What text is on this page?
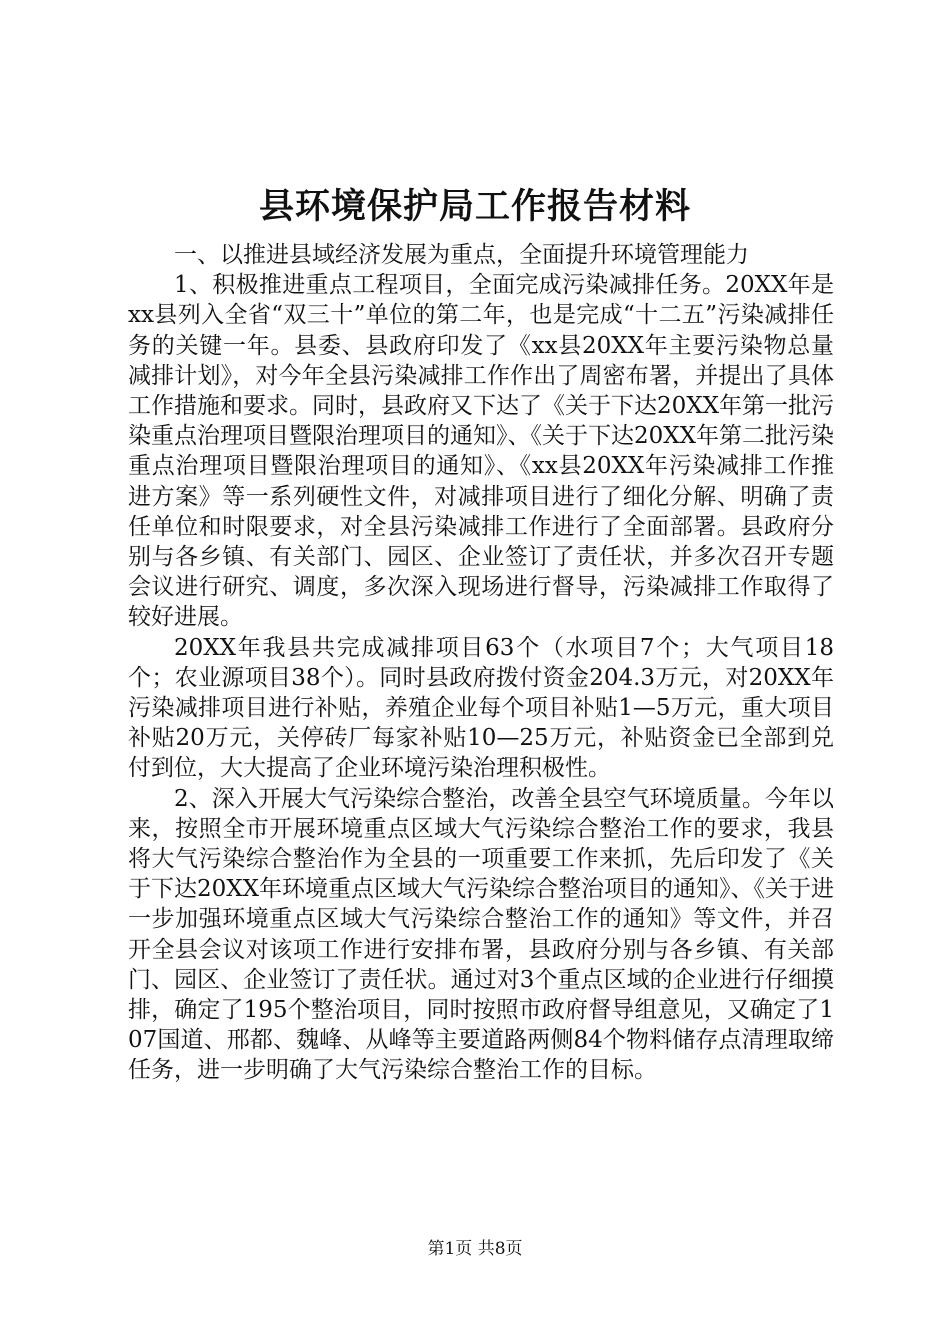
县环境保护局工作报告材料

一、以推进县域经济发展为重点，全面提升环境管理能力

1、积极推进重点工程项目，全面完成污染减排任务。20XX年是xx县列入全省“双三十”单位的第二年，也是完成“十二五”污染减排任务的关键一年。县委、县政府印发了《xx县20XX年主要污染物总量减排计划》，对今年全县污染减排工作作出了周密布署，并提出了具体工作措施和要求。同时，县政府又下达了《关于下达20XX年第一批污染重点治理项目暨限治理项目的通知》、《关于下达20XX年第二批污染重点治理项目暨限治理项目的通知》、《xx县20XX年污染减排工作推进方案》等一系列硬性文件，对减排项目进行了细化分解、明确了责任单位和时限要求，对全县污染减排工作进行了全面部署。县政府分别与各乡镇、有关部门、园区、企业签订了责任状，并多次召开专题会议进行研究、调度，多次深入现场进行督导，污染减排工作取得了较好进展。

20XX年我县共完成减排项目63个（水项目7个；大气项目18个；农业源项目38个）。同时县政府拨付资金204.3万元，对20XX年污染减排项目进行补贴，养殖企业每个项目补贴1—5万元，重大项目补贴20万元，关停砖厂每家补贴10—25万元，补贴资金已全部到兑付到位，大大提高了企业环境污染治理积极性。

2、深入开展大气污染综合整治，改善全县空气环境质量。今年以来，按照全市开展环境重点区域大气污染综合整治工作的要求，我县将大气污染综合整治作为全县的一项重要工作来抓，先后印发了《关于下达20XX年环境重点区域大气污染综合整治项目的通知》、《关于进一步加强环境重点区域大气污染综合整治工作的通知》等文件，并召开全县会议对该项工作进行安排布署，县政府分别与各乡镇、有关部门、园区、企业签订了责任状。通过对3个重点区域的企业进行仔细摸排，确定了195个整治项目，同时按照市政府督导组意见，又确定了107国道、邢都、魏峰、从峰等主要道路两侧84个物料储存点清理取缔任务，进一步明确了大气污染综合整治工作的目标。

第1页 共8页
